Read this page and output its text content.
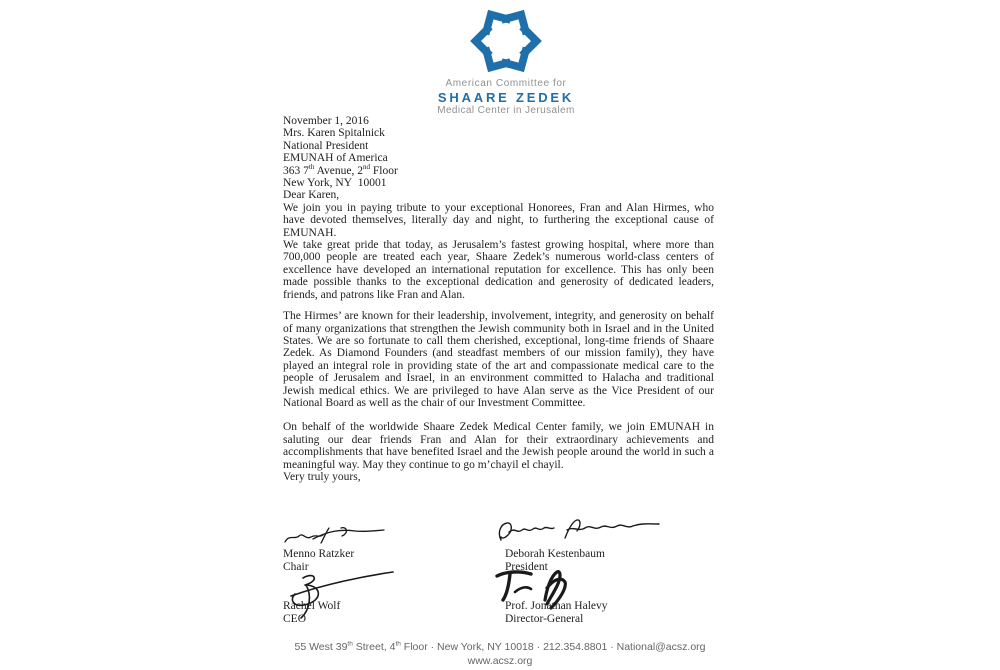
American Committee for
SHAARE ZEDEK
Medical Center in Jerusalem

November 1, 2016

Mrs. Karen Spitalnick
National President
EMUNAH of America
363 7th Avenue, 2nd Floor
New York, NY  10001

Dear Karen,

We join you in paying tribute to your exceptional Honorees, Fran and Alan Hirmes, who have devoted themselves, literally day and night, to furthering the exceptional cause of EMUNAH.

We take great pride that today, as Jerusalem’s fastest growing hospital, where more than 700,000 people are treated each year, Shaare Zedek’s numerous world-class centers of excellence have developed an international reputation for excellence. This has only been made possible thanks to the exceptional dedication and generosity of dedicated leaders, friends, and patrons like Fran and Alan.

The Hirmes’ are known for their leadership, involvement, integrity, and generosity on behalf of many organizations that strengthen the Jewish community both in Israel and in the United States. We are so fortunate to call them cherished, exceptional, long-time friends of Shaare Zedek. As Diamond Founders (and steadfast members of our mission family), they have played an integral role in providing state of the art and compassionate medical care to the people of Jerusalem and Israel, in an environment committed to Halacha and traditional Jewish medical ethics. We are privileged to have Alan serve as the Vice President of our National Board as well as the chair of our Investment Committee.

On behalf of the worldwide Shaare Zedek Medical Center family, we join EMUNAH in saluting our dear friends Fran and Alan for their extraordinary achievements and accomplishments that have benefited Israel and the Jewish people around the world in such a meaningful way. May they continue to go m’chayil el chayil.

Very truly yours,

Menno Ratzker
Chair
Rachel Wolf
CEO
Deborah Kestenbaum
President
Prof. Jonathan Halevy
Director-General
55 West 39th Street, 4th Floor · New York, NY 10018 · 212.354.8801 · National@acsz.org
www.acsz.org
